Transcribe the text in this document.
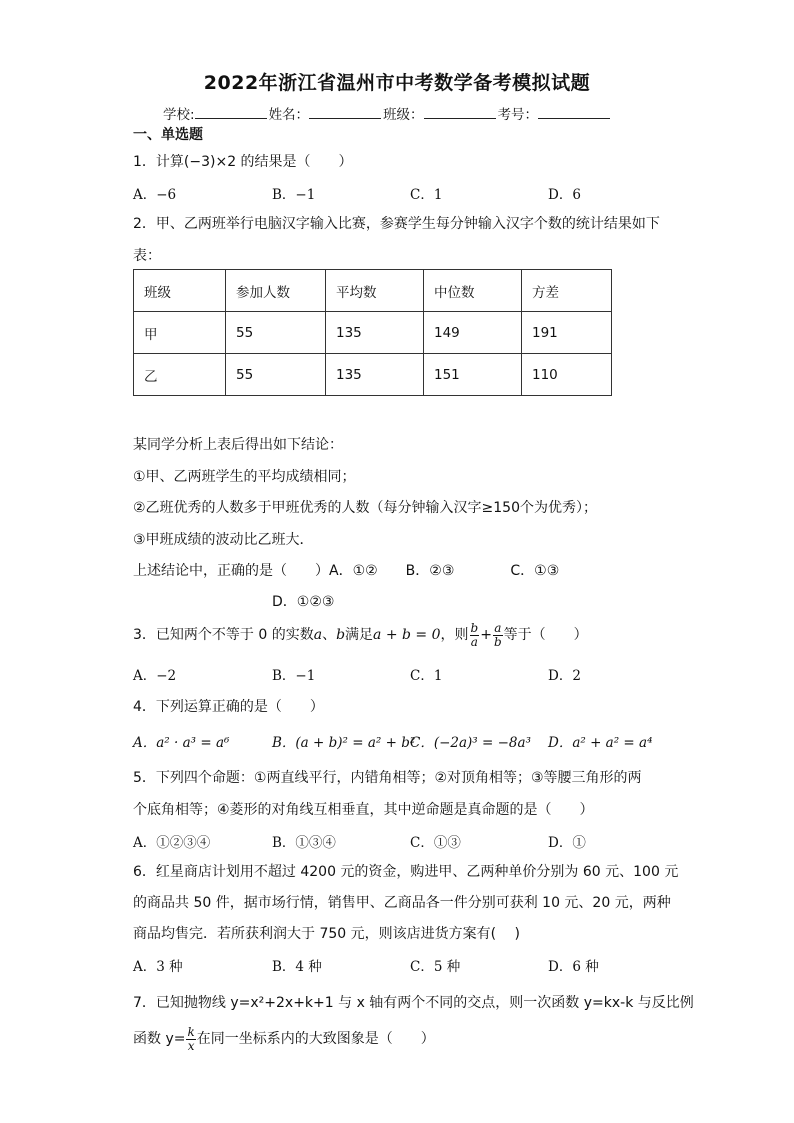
2022年浙江省温州市中考数学备考模拟试题
学校:	姓名：	班级：	考号：
一、单选题
1．计算(−3)×2 的结果是（　　）
A．−6	B．−1	C．1	D．6
2．甲、乙两班举行电脑汉字输入比赛，参赛学生每分钟输入汉字个数的统计结果如下
表：
班级	参加人数	平均数	中位数	方差
甲	55	135	149	191
乙	55	135	151	110
某同学分析上表后得出如下结论：
①甲、乙两班学生的平均成绩相同；
②乙班优秀的人数多于甲班优秀的人数（每分钟输入汉字≥150个为优秀）；
③甲班成绩的波动比乙班大．
上述结论中，正确的是（　　）A．①②　　B．②③　　　　C．①③
D．①②③
3．已知两个不等于 0 的实数a、b满足a + b = 0，则 $\frac{b}{a} + \frac{a}{b}$ 等于（　　）
A．−2	B．−1	C．1	D．2
4．下列运算正确的是（　　）
A．a² · a³ = a⁶	B．(a + b)² = a² + b²
C．(−2a)³ = −8a³ D．a² + a² = a⁴
5．下列四个命题：①两直线平行，内错角相等；②对顶角相等；③等腰三角形的两
个底角相等；④菱形的对角线互相垂直，其中逆命题是真命题的是（　　）
A．①②③④	B．①③④	C．①③	D．①
6．红星商店计划用不超过 4200 元的资金，购进甲、乙两种单价分别为 60 元、100 元
的商品共 50 件，据市场行情，销售甲、乙商品各一件分别可获利 10 元、20 元，两种
商品均售完．若所获利润大于 750 元，则该店进货方案有(　 )
A．3 种	B．4 种	C．5 种	D．6 种
7．已知抛物线 y=x²+2x+k+1 与 x 轴有两个不同的交点，则一次函数 y=kx-k 与反比例
函数 $y= \frac{k}{x}$ 在同一坐标系内的大致图象是（　　）
